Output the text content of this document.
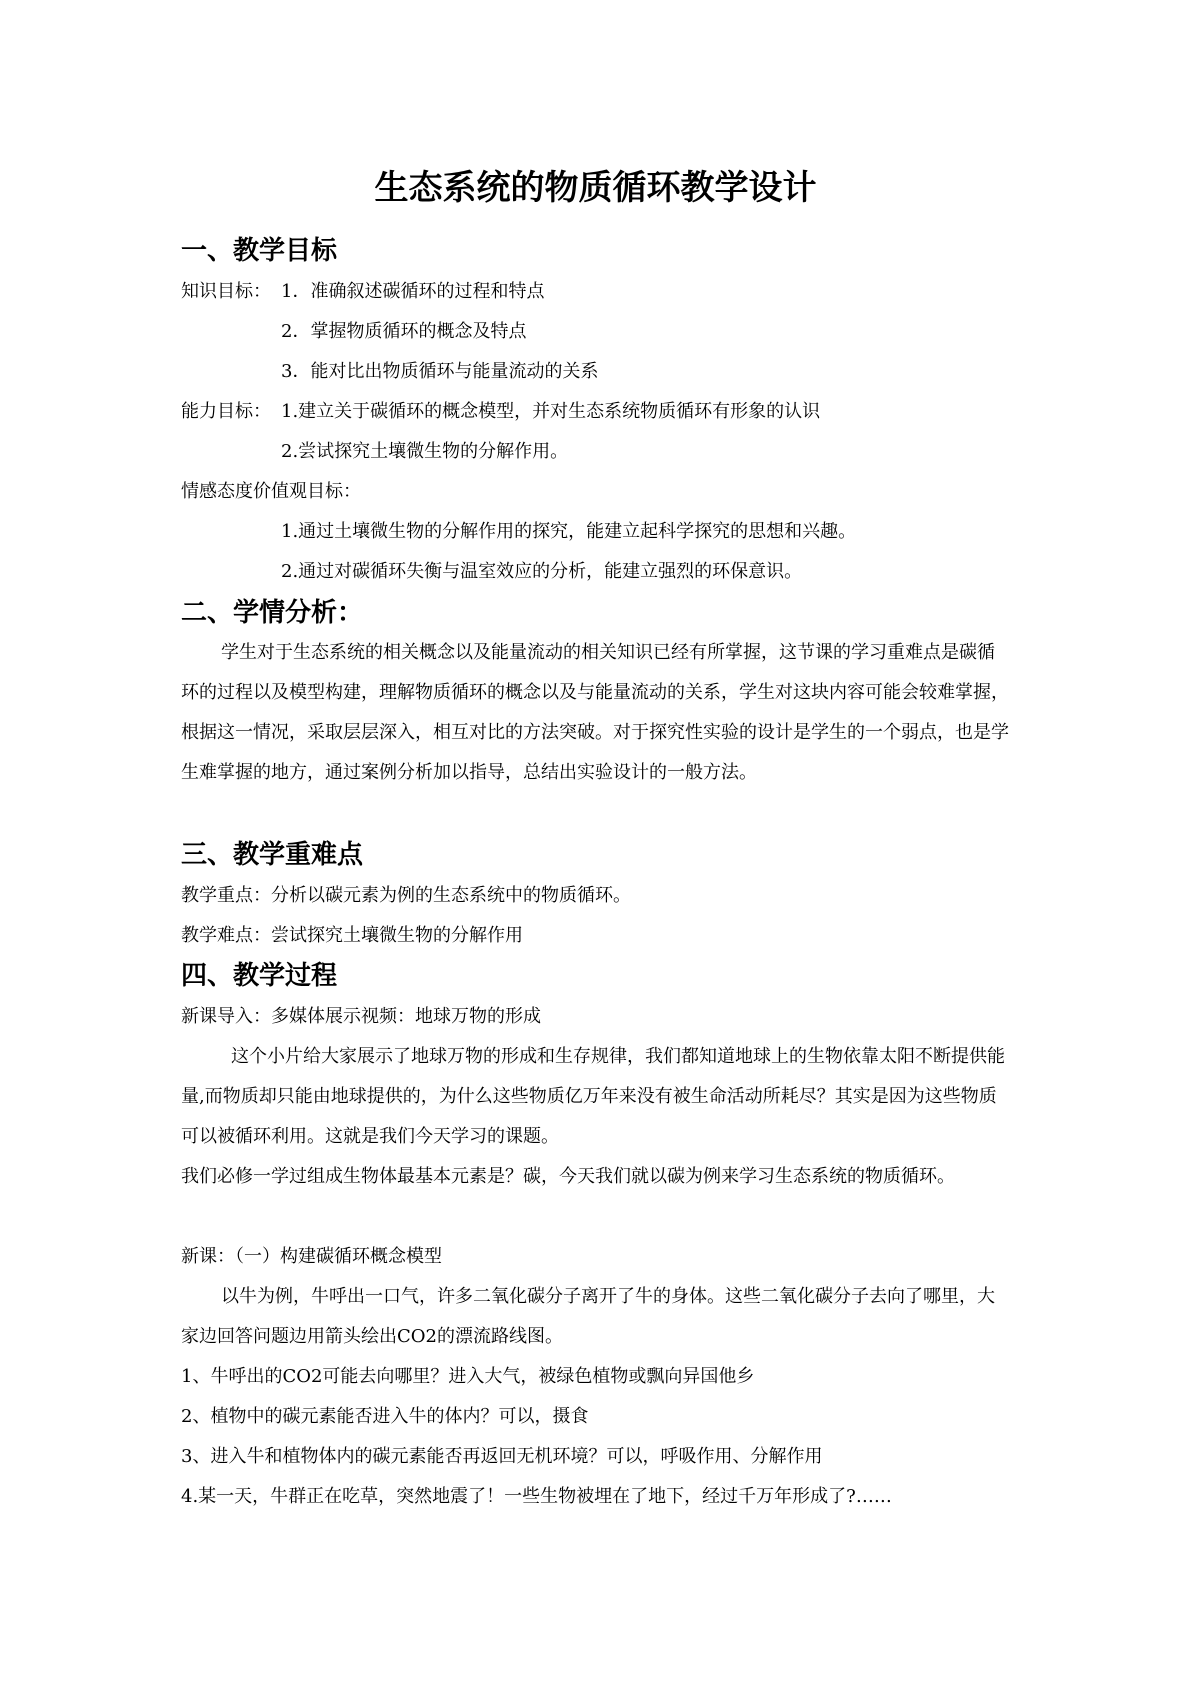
生态系统的物质循环教学设计
一、教学目标
知识目标： 1．准确叙述碳循环的过程和特点
2．掌握物质循环的概念及特点
3．能对比出物质循环与能量流动的关系
能力目标： 1.建立关于碳循环的概念模型，并对生态系统物质循环有形象的认识
2.尝试探究土壤微生物的分解作用。
情感态度价值观目标：
1.通过土壤微生物的分解作用的探究，能建立起科学探究的思想和兴趣。
2.通过对碳循环失衡与温室效应的分析，能建立强烈的环保意识。
二、学情分析：
学生对于生态系统的相关概念以及能量流动的相关知识已经有所掌握，这节课的学习重难点是碳循环的过程以及模型构建，理解物质循环的概念以及与能量流动的关系，学生对这块内容可能会较难掌握，根据这一情况，采取层层深入，相互对比的方法突破。对于探究性实验的设计是学生的一个弱点，也是学生难掌握的地方，通过案例分析加以指导，总结出实验设计的一般方法。
三、教学重难点
教学重点：分析以碳元素为例的生态系统中的物质循环。
教学难点：尝试探究土壤微生物的分解作用
四、教学过程
新课导入：多媒体展示视频：地球万物的形成
这个小片给大家展示了地球万物的形成和生存规律，我们都知道地球上的生物依靠太阳不断提供能量,而物质却只能由地球提供的，为什么这些物质亿万年来没有被生命活动所耗尽？其实是因为这些物质可以被循环利用。这就是我们今天学习的课题。
我们必修一学过组成生物体最基本元素是？碳，今天我们就以碳为例来学习生态系统的物质循环。
新课：（一）构建碳循环概念模型
以牛为例，牛呼出一口气，许多二氧化碳分子离开了牛的身体。这些二氧化碳分子去向了哪里，大家边回答问题边用箭头绘出CO2的漂流路线图。
1、牛呼出的CO2可能去向哪里？进入大气，被绿色植物或飘向异国他乡
2、植物中的碳元素能否进入牛的体内？可以，摄食
3、进入牛和植物体内的碳元素能否再返回无机环境？可以，呼吸作用、分解作用
4.某一天，牛群正在吃草，突然地震了！一些生物被埋在了地下，经过千万年形成了?……
